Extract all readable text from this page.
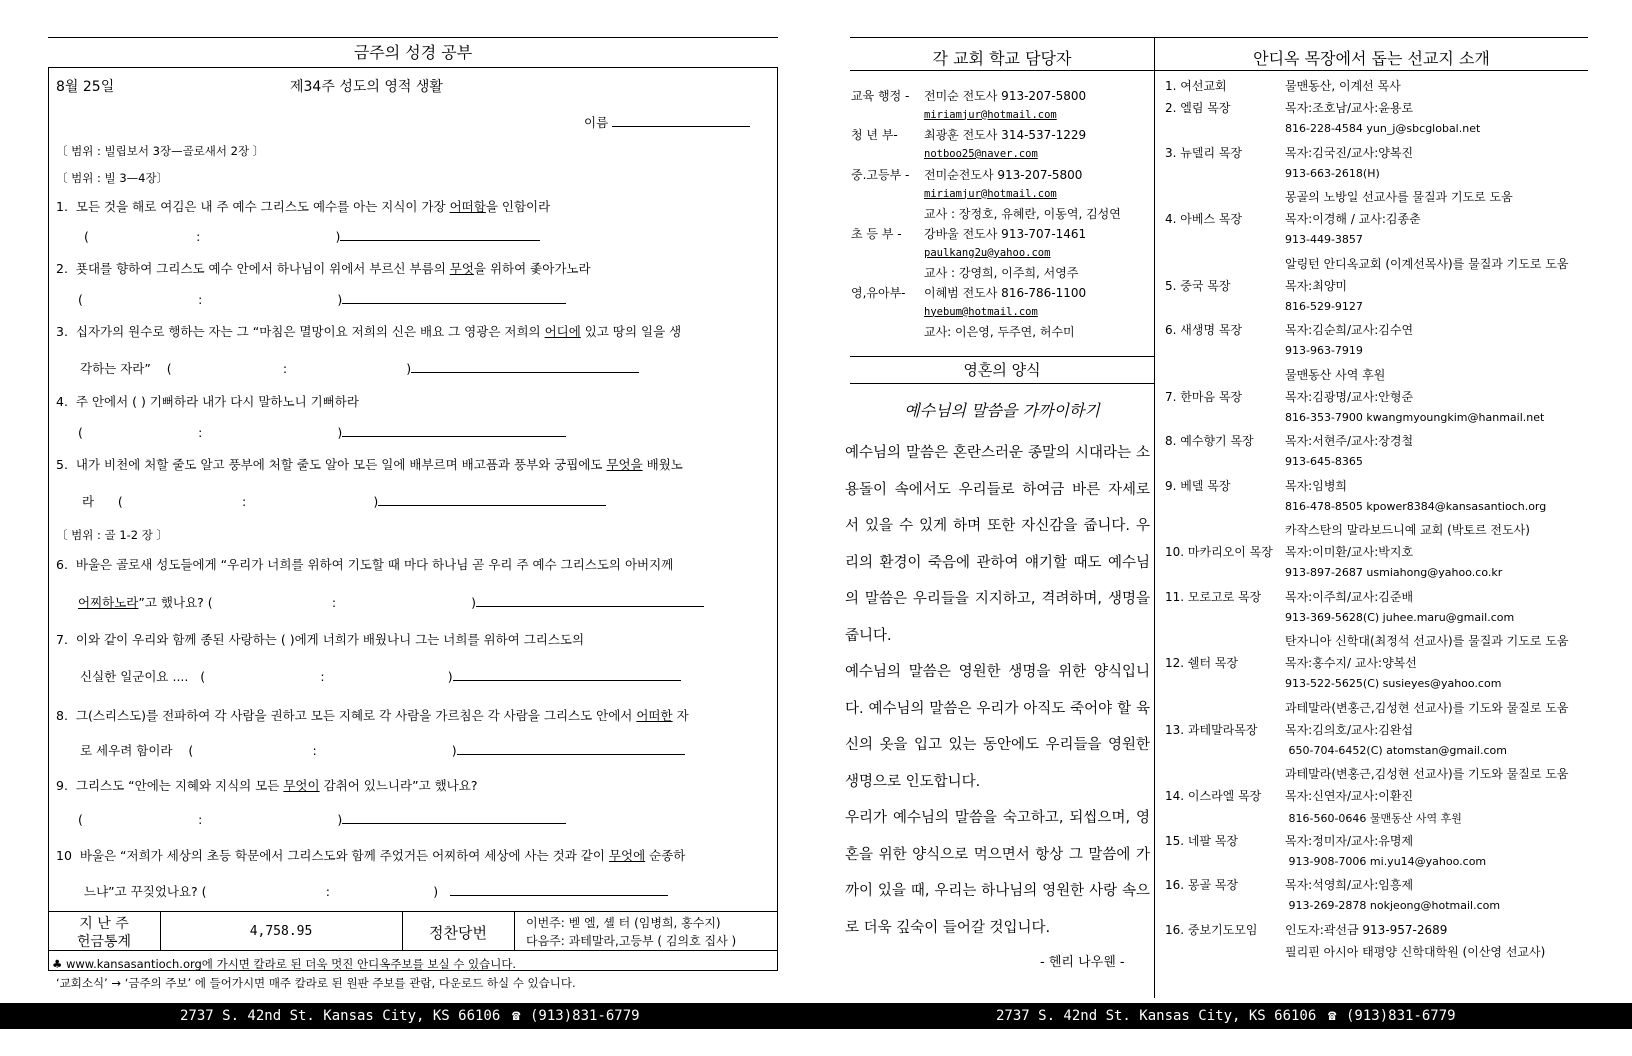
금주의 성경 공부
8월 25일	제34주 성도의 영적 생활
이름
〔 범위 : 빌립보서 3장—골로새서 2장 〕
〔 범위 : 빌 3—4장〕
1. 모든 것을 해로 여김은 내 주 예수 그리스도 예수를 아는 지식이 가장 어떠함을 인함이라
(                           :                                  )
2. 푯대를 향하여 그리스도 예수 안에서 하나님이 위에서 부르신 부름의 무엇을 위하여 좇아가노라
(                             :                                  )
3. 십자가의 원수로 행하는 자는 그 “마침은 멸망이요 저희의 신은 배요 그 영광은 저희의 어디에 있고 땅의 일을 생
각하는 자라”    (                            :                              )
4. 주 안에서 ( ) 기뻐하라 내가 다시 말하노니 기뻐하라
(                             :                                  )
5. 내가 비천에 처할 줄도 알고 풍부에 처할 줄도 알아 모든 일에 배부르며 배고픔과 풍부와 궁핍에도 무엇을 배웠노
라      (                              :                                )
〔 범위 : 골 1-2 장 〕
6. 바울은 골로새 성도들에게 “우리가 너희를 위하여 기도할 때 마다 하나님 곧 우리 주 예수 그리스도의 아버지께
어찌하노라”고 했나요? (                              :                                  )
7. 이와 같이 우리와 함께 종된 사랑하는 ( )에게 너희가 배웠나니 그는 너희를 위하여 그리스도의
신실한 일군이요 ....   (                             :                               )
8. 그(스리스도)를 전파하여 각 사람을 권하고 모든 지혜로 각 사람을 가르침은 각 사람을 그리스도 안에서 어떠한 자
로 세우려 함이라    (                              :                                  )
9. 그리스도 “안에는 지혜와 지식의 모든 무엇이 감취어 있느니라”고 했나요?
(                             :                                  )
10 바울은 “저희가 세상의 초등 학문에서 그리스도와 함께 주었거든 어찌하여 세상에 사는 것과 같이 무엇에 순종하
느냐”고 꾸짖었나요? (                              :                          )
지 난 주
헌금통계
4,758.95	정찬당번
이번주: 벧 엘, 셸 터 (임병희, 홍수지)
다음주: 과테말라,고등부 ( 김의호 집사 )
♣ www.kansasantioch.org에 가시면 칼라로 된 더욱 멋진 안디옥주보를 보실 수 있습니다.
‘교회소식’ → ‘금주의 주보’ 에 들어가시면 매주 칼라로 된 원판 주보를 관람, 다운로드 하실 수 있습니다.
2737 S. 42nd St. Kansas City, KS 66106 ☎ (913)831-6779
각 교회 학교 담당자	안디옥 목장에서 돕는 선교지 소개
교육 행정 - 전미순 전도사 913-207-5800
miriamjur@hotmail.com
청 년 부- 최광훈 전도사 314-537-1229
notboo25@naver.com
중.고등부 - 전미순전도사 913-207-5800
miriamjur@hotmail.com
교사 : 장정호, 유혜란, 이동역, 김성연
초 등 부 - 강바울 전도사 913-707-1461
paulkang2u@yahoo.com
교사 : 강영희, 이주희, 서영주
영,유아부- 이혜범 전도사 816-786-1100
hyebum@hotmail.com
교사: 이은영, 두주연, 허수미
영혼의 양식
예수님의 말씀을 가까이하기

예수님의 말씀은 혼란스러운 종말의 시대라는 소용돌이 속에서도 우리들로 하여금 바른 자세로 서 있을 수 있게 하며 또한 자신감을 줍니다. 우리의 환경이 죽음에 관하여 얘기할 때도 예수님의 말씀은 우리들을 지지하고, 격려하며, 생명을 줍니다.

예수님의 말씀은 영원한 생명을 위한 양식입니다. 예수님의 말씀은 우리가 아직도 죽어야 할 육신의 옷을 입고 있는 동안에도 우리들을 영원한 생명으로 인도합니다.

우리가 예수님의 말씀을 숙고하고, 되씹으며, 영혼을 위한 양식으로 먹으면서 항상 그 말씀에 가까이 있을 때, 우리는 하나님의 영원한 사랑 속으로 더욱 깊숙이 들어갈 것입니다.

- 헨리 나우웬 -
1. 여선교회	물맨동산, 이계선 목사
2. 엘림 목장	목자:조호남/교사:윤용로
816-228-4584 yun_j@sbcglobal.net
3. 뉴델리 목장	목자:김국진/교사:양복진
913-663-2618(H)
몽골의 노방일 선교사를 물질과 기도로 도움
4. 아베스 목장	목자:이경해 / 교사:김종춘
913-449-3857
알링턴 안디옥교회 (이계선목사)를 물질과 기도로 도움
5. 중국 목장	목자:최양미
816-529-9127
6. 새생명 목장	목자:김순희/교사:김수연
913-963-7919
물맨동산 사역 후원
7. 한마음 목장	목자:김광명/교사:안형준
816-353-7900 kwangmyoungkim@hanmail.net
8. 예수향기 목장	목자:서현주/교사:장경철
913-645-8365
9. 베델 목장	목자:임병희
816-478-8505 kpower8384@kansasantioch.org
카작스탄의 말라보드니예 교회 (박토르 전도사)
10. 마카리오이 목장 목자:이미환/교사:박지호
913-897-2687 usmiahong@yahoo.co.kr
11. 모로고로 목장 목자:이주희/교사:김준배
913-369-5628(C) juhee.maru@gmail.com
탄자니아 신학대(최정석 선교사)를 물질과 기도로 도움
12. 쉘터 목장	목자:홍수지/ 교사:양복선
913-522-5625(C) susieyes@yahoo.com
과테말라(변홍근,김성현 선교사)를 기도와 물질로 도움
13. 과테말라목장 목자:김의호/교사:김완섭
650-704-6452(C) atomstan@gmail.com
과테말라(변홍근,김성현 선교사)를 기도와 물질로 도움
14. 이스라엘 목장 목자:신연자/교사:이환진
816-560-0646 물맨동산 사역 후원
15. 네팔 목장	목자:정미자/교사:유명제
913-908-7006 mi.yu14@yahoo.com
16. 몽골 목장	목자:석영희/교사:임흥제
913-269-2878 nokjeong@hotmail.com
16. 중보기도모임 인도자:곽선금 913-957-2689
필리핀 아시아 태평양 신학대학원 (이산영 선교사)
2737 S. 42nd St. Kansas City, KS 66106 ☎ (913)831-6779
